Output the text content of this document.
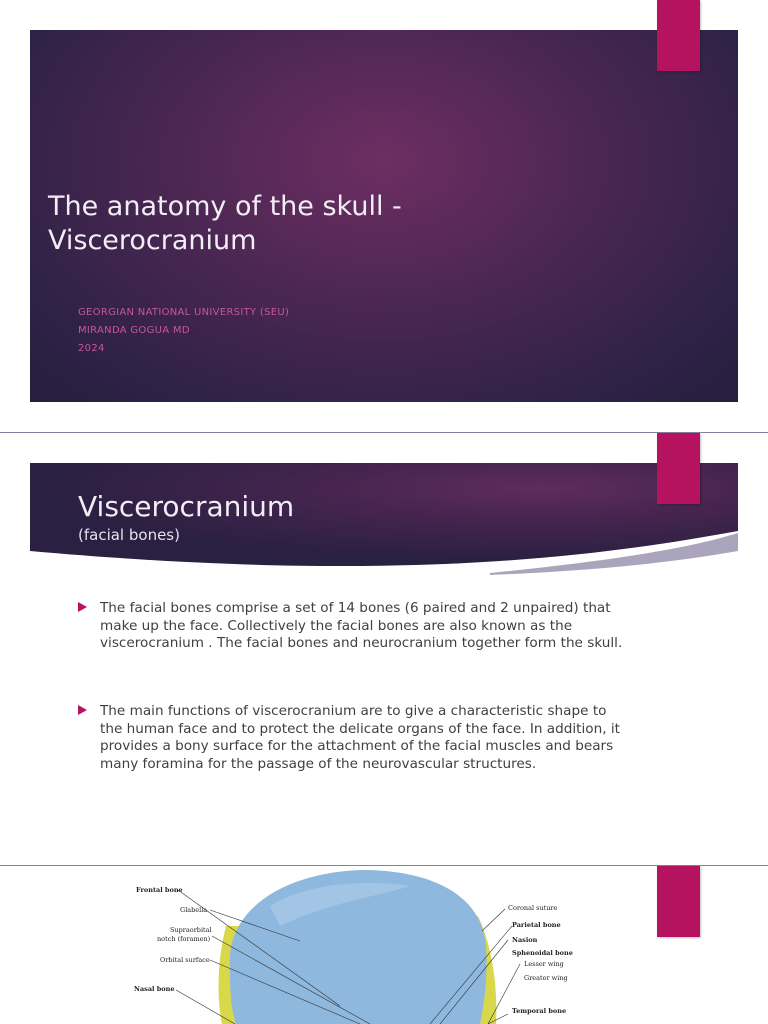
The anatomy of the skull -
Viscerocranium
GEORGIAN NATIONAL UNIVERSITY (SEU)
MIRANDA GOGUA MD
2024
Viscerocranium
(facial bones)
The facial bones comprise a set of 14 bones (6 paired and 2 unpaired) that make up the face. Collectively the facial bones are also known as the viscerocranium . The facial bones and neurocranium together form the skull.
The main functions of viscerocranium are to give a characteristic shape to the human face and to protect the delicate organs of the face. In addition, it provides a bony surface for the attachment of the facial muscles and bears many foramina for the passage of the neurovascular structures.
Frontal bone
Glabella
Supraorbital
notch (foramen)
Orbital surface
Nasal bone
Coronal suture
Parietal bone
Nasion
Sphenoidal bone
Lesser wing
Greater wing
Temporal bone
